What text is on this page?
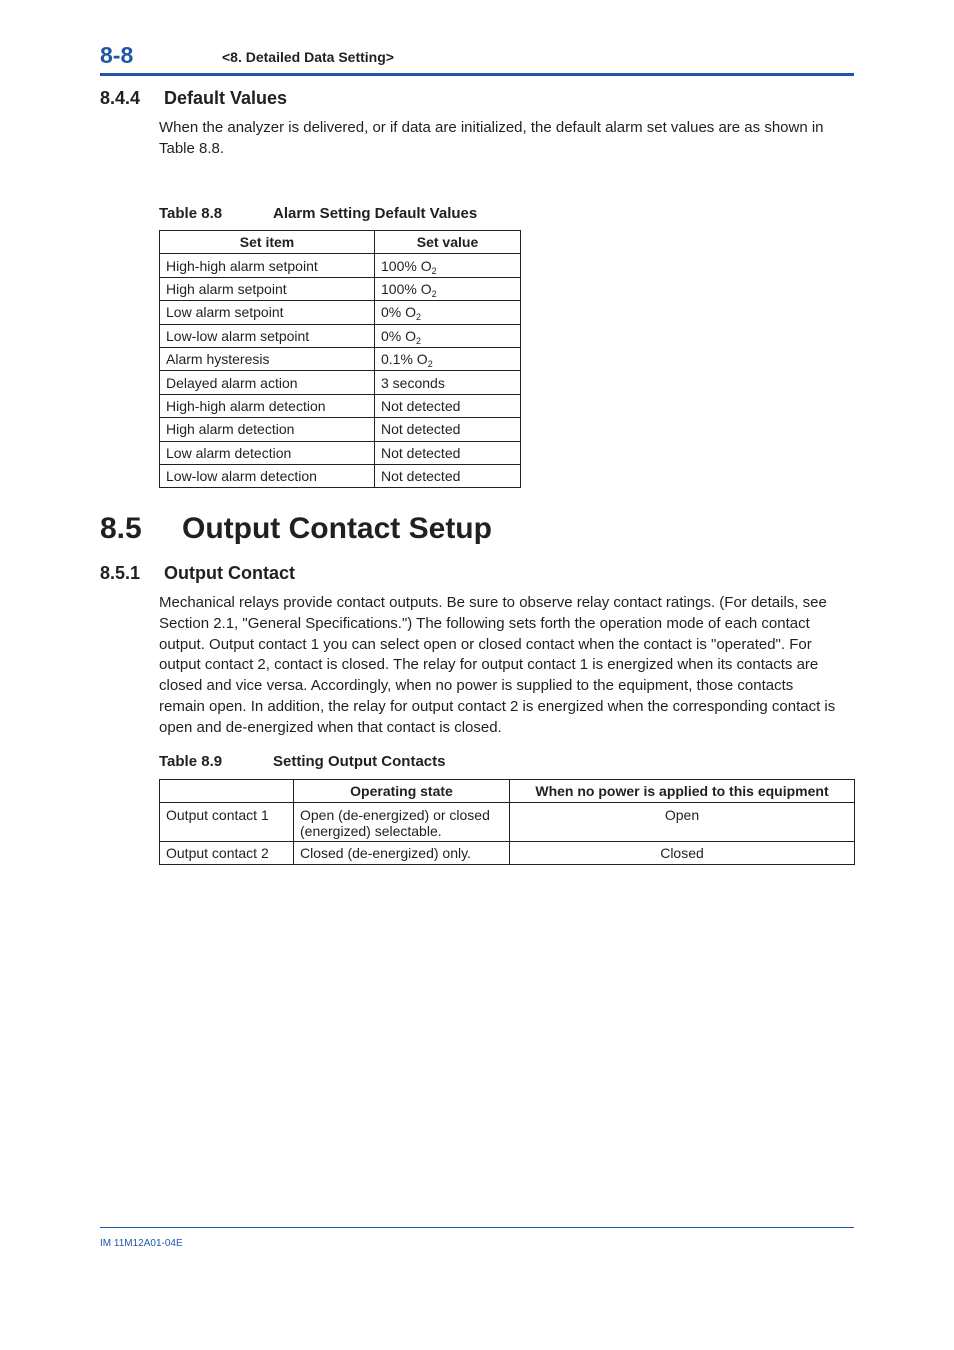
8-8	<8. Detailed Data Setting>
8.4.4 Default Values
When the analyzer is delivered, or if data are initialized, the default alarm set values are as shown in Table 8.8.
Table 8.8	Alarm Setting Default Values
Set item	Set value
High-high alarm setpoint	100% $O_2$
High alarm setpoint	100% $O_2$
Low alarm setpoint	0% $O_2$
Low-low alarm setpoint	0% $O_2$
Alarm hysteresis	0.1% $O_2$
Delayed alarm action	3 seconds
High-high alarm detection	Not detected
High alarm detection	Not detected
Low alarm detection	Not detected
Low-low alarm detection	Not detected
8.5 Output Contact Setup
8.5.1 Output Contact
Mechanical relays provide contact outputs. Be sure to observe relay contact ratings. (For details, see
Section 2.1, "General Specifications.") The following sets forth the operation mode of each contact
output. Output contact 1 you can select open or closed contact when the contact is "operated". For
output contact 2, contact is closed. The relay for output contact 1 is energized when its contacts are
closed and vice versa. Accordingly, when no power is supplied to the equipment, those contacts
remain open. In addition, the relay for output contact 2 is energized when the corresponding contact is
open and de-energized when that contact is closed.
Table 8.9	Setting Output Contacts
	Operating state	When no power is applied to this equipment
Output contact 1	Open (de-energized) or closed
(energized) selectable.	Open
Output contact 2	Closed (de-energized) only.	Closed
IM 11M12A01-04E
